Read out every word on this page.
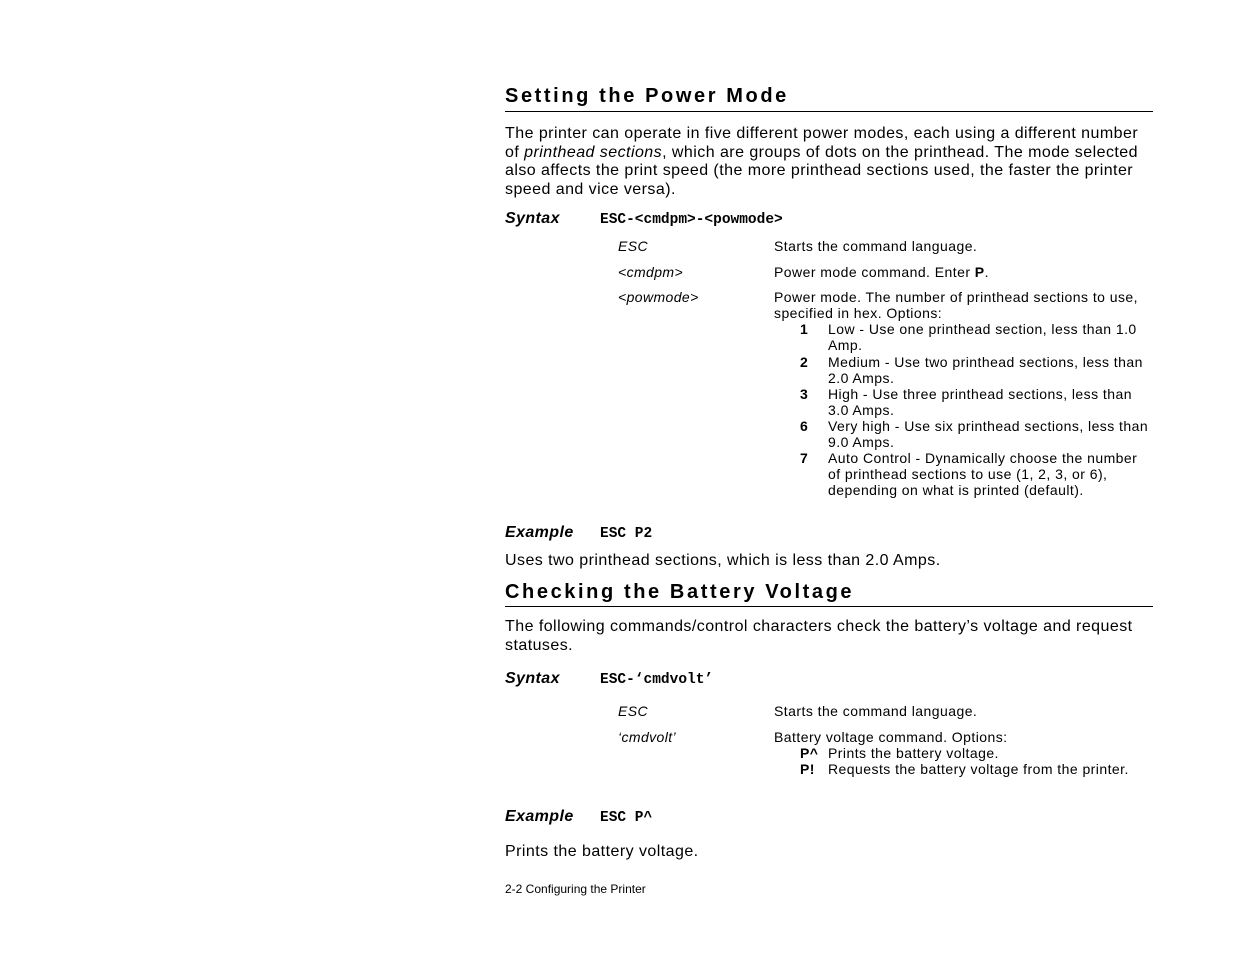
Setting the Power Mode
The printer can operate in five different power modes, each using a different number of printhead sections, which are groups of dots on the printhead. The mode selected also affects the print speed (the more printhead sections used, the faster the printer speed and vice versa).
Syntax	ESC-<cmdpm>-<powmode>
ESC	Starts the command language.
<cmdpm>	Power mode command. Enter P.
<powmode>	Power mode. The number of printhead sections to use, specified in hex. Options:
1 Low - Use one printhead section, less than 1.0 Amp.
2 Medium - Use two printhead sections, less than 2.0 Amps.
3 High - Use three printhead sections, less than 3.0 Amps.
6 Very high - Use six printhead sections, less than 9.0 Amps.
7 Auto Control - Dynamically choose the number of printhead sections to use (1, 2, 3, or 6), depending on what is printed (default).
Example ESC P2
Uses two printhead sections, which is less than 2.0 Amps.
Checking the Battery Voltage
The following commands/control characters check the battery’s voltage and request statuses.
Syntax	ESC-‘cmdvolt’
ESC	Starts the command language.
‘cmdvolt’	Battery voltage command. Options:
P^ Prints the battery voltage.
P! Requests the battery voltage from the printer.
Example ESC P^
Prints the battery voltage.
2-2 Configuring the Printer
